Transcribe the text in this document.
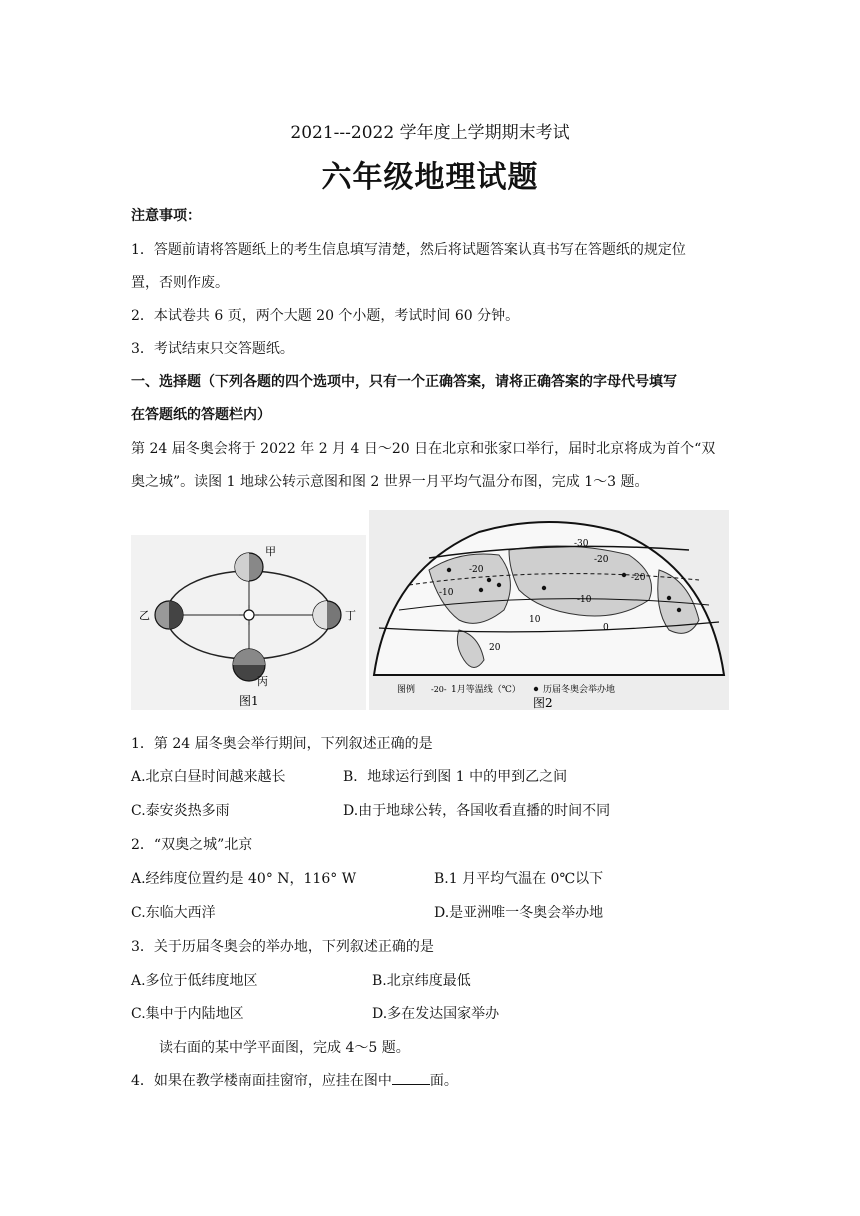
2021---2022 学年度上学期期末考试
六年级地理试题
注意事项：
1．答题前请将答题纸上的考生信息填写清楚，然后将试题答案认真书写在答题纸的规定位
置，否则作废。
2．本试卷共 6 页，两个大题 20 个小题，考试时间 60 分钟。
3．考试结束只交答题纸。
一、选择题（下列各题的四个选项中，只有一个正确答案，请将正确答案的字母代号填写
在答题纸的答题栏内）
第 24 届冬奥会将于 2022 年 2 月 4 日～20 日在北京和张家口举行，届时北京将成为首个“双
奥之城”。读图 1 地球公转示意图和图 2 世界一月平均气温分布图，完成 1～3 题。
甲
乙	丁
丙
图1
-30
-20
-10
0
10
-20
-10
20
-20
图例 -20- 1月等温线（℃） 历届冬奥会举办地
图2
1．第 24 届冬奥会举行期间，下列叙述正确的是
A.北京白昼时间越来越长	B．地球运行到图 1 中的甲到乙之间
C.泰安炎热多雨	D.由于地球公转，各国收看直播的时间不同
2．“双奥之城”北京
A.经纬度位置约是 40° N，116° W	B.1 月平均气温在 0℃以下
C.东临大西洋	D.是亚洲唯一冬奥会举办地
3．关于历届冬奥会的举办地，下列叙述正确的是
A.多位于低纬度地区	B.北京纬度最低
C.集中于内陆地区	D.多在发达国家举办
读右面的某中学平面图，完成 4～5 题。
4．如果在教学楼南面挂窗帘，应挂在图中	面。
